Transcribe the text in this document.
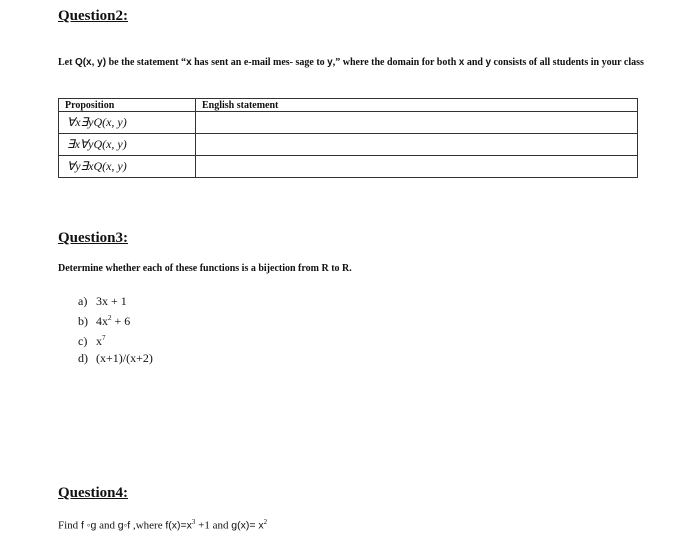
Question2:
Let Q(x, y) be the statement “x has sent an e-mail mes- sage to y,” where the domain for both x and y consists of all students in your class
Proposition	English statement
∀x∃yQ(x, y)	
∃x∀yQ(x, y)	
∀y∃xQ(x, y)	
Question3:
Determine whether each of these functions is a bijection from R to R.
a) 3x + 1
b) $4x^2 + 6$
c) $x^7$
d) (x+1)/(x+2)
Question4:
Find f ◦g and g◦f ,where $f(x)=x^3 +1$ and $g(x)= x^2$
